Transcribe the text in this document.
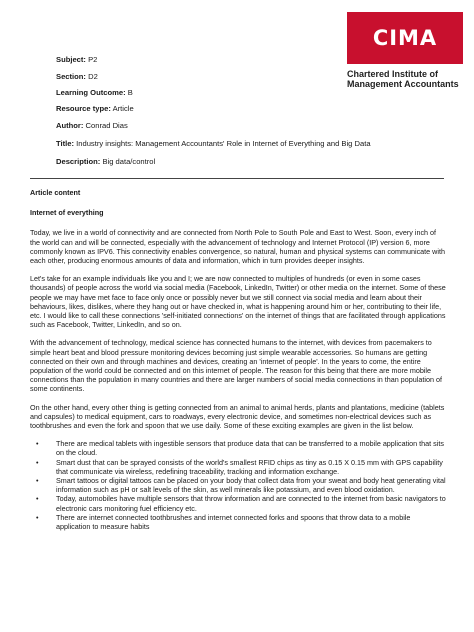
CIMA
Chartered Institute of
Management Accountants
Subject: P2
Section: D2
Learning Outcome: B
Resource type: Article
Author: Conrad Dias
Title: Industry insights: Management Accountants' Role in Internet of Everything and Big Data
Description: Big data/control
Article content
Internet of everything

Today, we live in a world of connectivity and are connected from North Pole to South Pole and East to West. Soon, every inch of the world can and will be connected, especially with the advancement of technology and Internet Protocol (IP) version 6, more commonly known as IPV6. This connectivity enables convergence, so natural, human and physical systems can communicate with each other, producing enormous amounts of data and information, which in turn provides deeper insights.

Let's take for an example individuals like you and I; we are now connected to multiples of hundreds (or even in some cases thousands) of people across the world via social media (Facebook, LinkedIn, Twitter) or other media on the internet. Some of these people we may have met face to face only once or possibly never but we still connect via social media and learn about their behaviours, likes, dislikes, where they hang out or have checked in, what is happening around him or her, contributing to their life, etc. I would like to call these connections 'self-initiated connections' on the internet of things that are facilitated through applications such as Facebook, Twitter, LinkedIn, and so on.

With the advancement of technology, medical science has connected humans to the internet, with devices from pacemakers to simple heart beat and blood pressure monitoring devices becoming just simple wearable accessories. So humans are getting connected on their own and through machines and devices, creating an 'internet of people'. In the years to come, the entire population of the world could be connected and on this internet of people. The reason for this being that there are more mobile connections than the population in many countries and there are larger numbers of social media connections in than population of some continents.

On the other hand, every other thing is getting connected from an animal to animal herds, plants and plantations, medicine (tablets and capsules) to medical equipment, cars to roadways, every electronic device, and sometimes non-electrical devices such as toothbrushes and even the fork and spoon that we use daily. Some of these exciting examples are given in the list below.

• There are medical tablets with ingestible sensors that produce data that can be transferred to a mobile application that sits on the cloud.
• Smart dust that can be sprayed consists of the world's smallest RFID chips as tiny as 0.15 X 0.15 mm with GPS capability that communicate via wireless, redefining traceability, tracking and information exchange.
• Smart tattoos or digital tattoos can be placed on your body that collect data from your sweat and body heat generating vital information such as pH or salt levels of the skin, as well minerals like potassium, and even blood oxidation.
• Today, automobiles have multiple sensors that throw information and are connected to the internet from basic navigators to electronic cars monitoring fuel efficiency etc.
• There are internet connected toothbrushes and internet connected forks and spoons that throw data to a mobile application to measure habits
